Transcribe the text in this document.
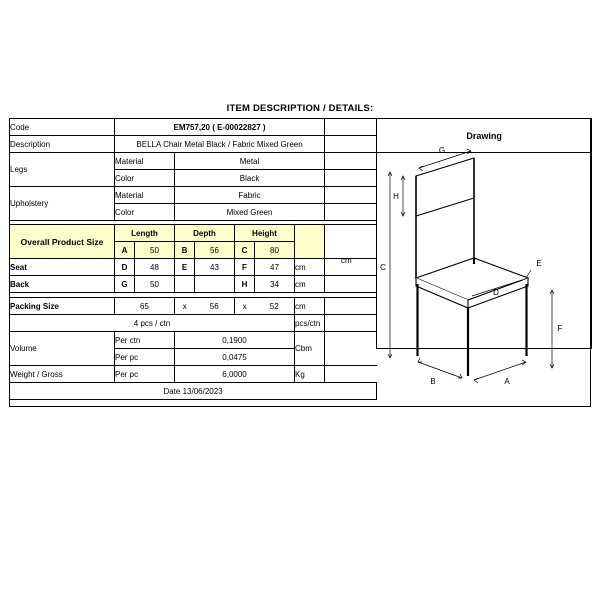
ITEM DESCRIPTION / DETAILS:
Code	EM757,20 ( E-00022827 )								Drawing
Description	BELLA Chair Metal Black / Fabric Mixed Green								
Legs	Material		Metal						
	Color		Black						
Upholstery	Material		Fabric						
	Color		Mixed Green						

Overall Product Size	Length		Depth		Height				
	A	50	B	56	C	80			
Seat	D	48	E	43	F	47	cm		
Back	G	50			H	34	cm		

Packing Size	65		x	56	x	52	cm		
4 pcs / ctn							pcs/ctn		
Volume	Per ctn		0,1900				Cbm		
	Per pc		0,0475						
Weight / Gross	Per pc		6,0000				Kg		
Date 13/06/2023									
cm
G
H
C
F
E
D
A
B
